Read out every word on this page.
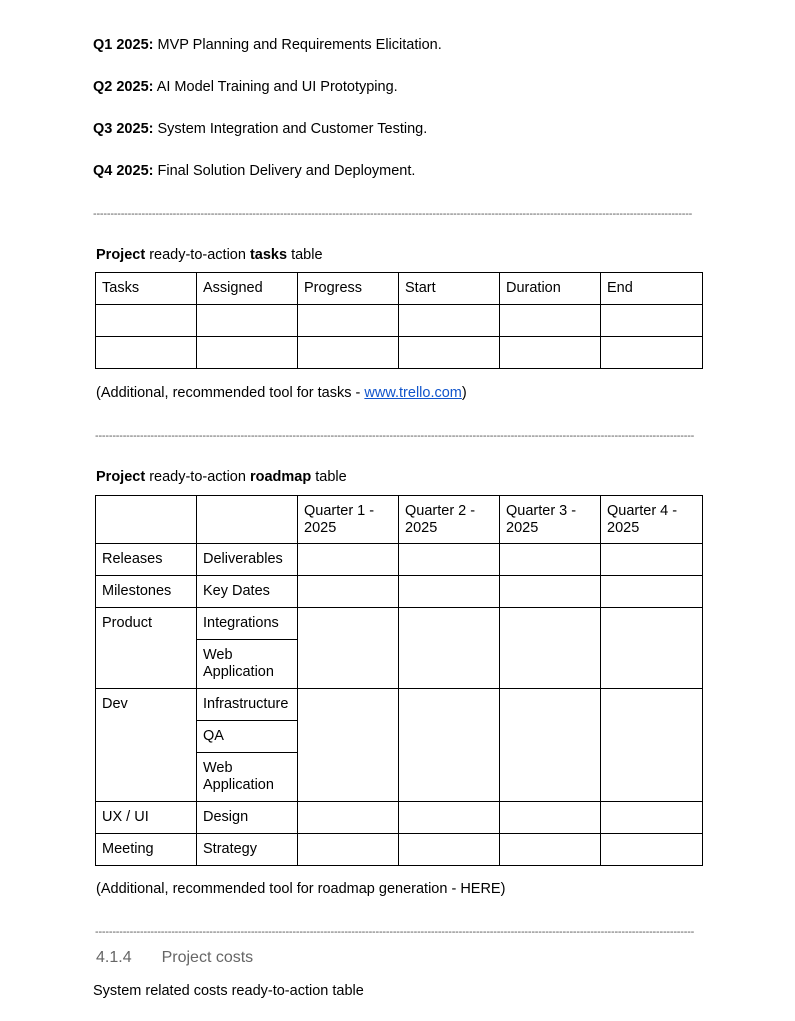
Q1 2025: MVP Planning and Requirements Elicitation.
Q2 2025: AI Model Training and UI Prototyping.
Q3 2025: System Integration and Customer Testing.
Q4 2025: Final Solution Delivery and Deployment.
-----
Project ready-to-action tasks table
Tasks	Assigned	Progress	Start	Duration	End

(Additional, recommended tool for tasks - www.trello.com)
-----
Project ready-to-action roadmap table
		Quarter 1 - 2025	Quarter 2 - 2025	Quarter 3 - 2025	Quarter 4 - 2025
Releases	Deliverables				
Milestones	Key Dates				
Product	Integrations				
	Web Application				
Dev	Infrastructure				
	QA				
	Web Application				
UX / UI	Design				
Meeting	Strategy				
(Additional, recommended tool for roadmap generation - HERE)
-----
4.1.4 Project costs
System related costs ready-to-action table
